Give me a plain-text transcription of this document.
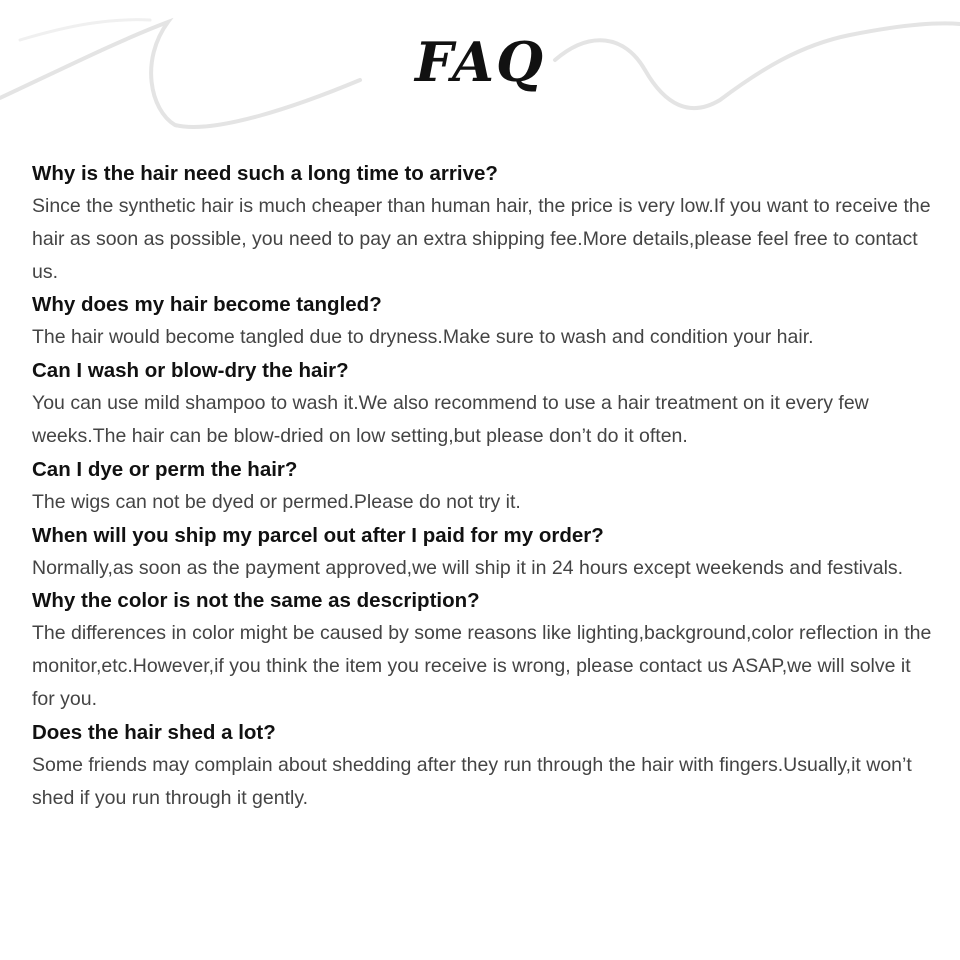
FAQ
Why is the hair need such a long time to arrive?
Since the synthetic hair is much cheaper than human hair, the price is very low.If you want to receive the hair as soon as possible, you need to pay an extra shipping fee.More details,please feel free to contact us.
Why does my hair become tangled?
The hair would become tangled due to dryness.Make sure to wash and condition your hair.
Can I wash or blow-dry the hair?
You can use mild shampoo to wash it.We also recommend to use a hair treatment on it every few weeks.The hair can be blow-dried on low setting,but please don’t do it often.
Can I dye or perm the hair?
The wigs can not be dyed or permed.Please do not try it.
When will you ship my parcel out after I paid for my order?
Normally,as soon as the payment approved,we will ship it in 24 hours except weekends and festivals.
Why the color is not the same as description?
The differences in color might be caused by some reasons like lighting,background,color reflection in the monitor,etc.However,if you think the item you receive is wrong, please contact us ASAP,we will solve it for you.
Does the hair shed a lot?
Some friends may complain about shedding after they run through the hair with fingers.Usually,it won’t shed if you run through it gently.
